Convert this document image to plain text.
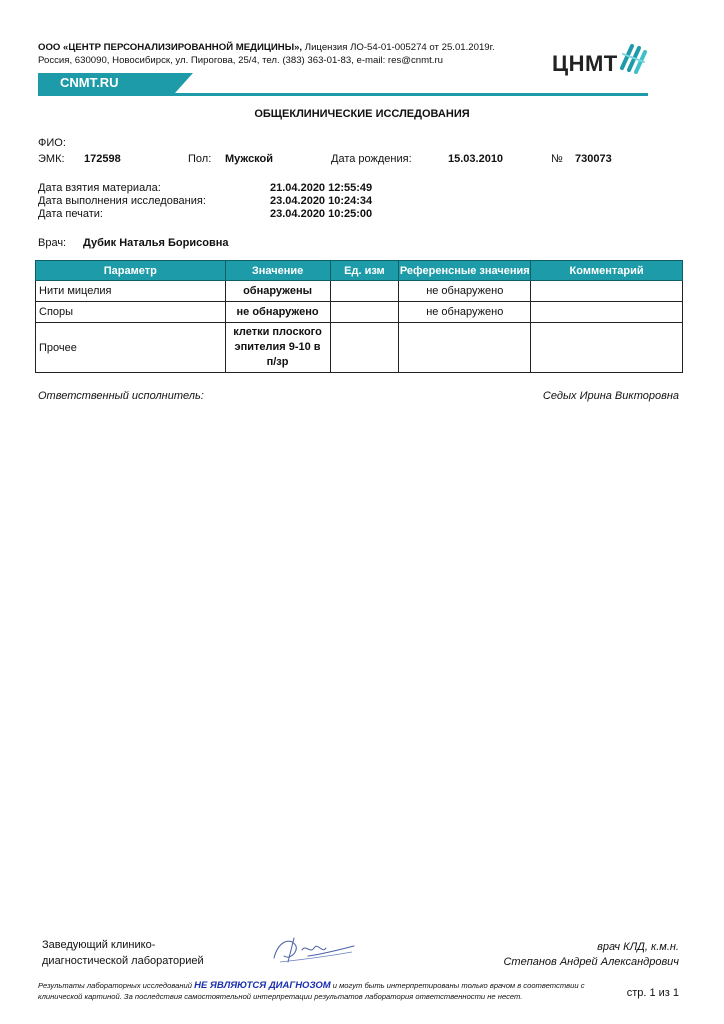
ООО «ЦЕНТР ПЕРСОНАЛИЗИРОВАННОЙ МЕДИЦИНЫ», Лицензия ЛО-54-01-005274 от 25.01.2019г.
Россия, 630090, Новосибирск, ул. Пирогова, 25/4, тел. (383) 363-01-83, e-mail: res@cnmt.ru	ЦНМТ
CNMT.RU
ОБЩЕКЛИНИЧЕСКИЕ ИССЛЕДОВАНИЯ
ФИО:
ЭМК: 172598	Пол: Мужской	Дата рождения:	15.03.2010	№ 730073
Дата взятия материала:	21.04.2020 12:55:49
Дата выполнения исследования:	23.04.2020 10:24:34
Дата печати:	23.04.2020 10:25:00
Врач: Дубик Наталья Борисовна
Параметр	Значение	Ед. изм	Референсные значения	Комментарий
Нити мицелия	обнаружены		не обнаружено	
Споры	не обнаружено		не обнаружено	
Прочее	клетки плоского эпителия 9-10 в п/зр			
Ответственный исполнитель:	Седых Ирина Викторовна
Заведующий клинико-
диагностической лабораторией
врач КЛД, к.м.н.
Степанов Андрей Александрович
Результаты лабораторных исследований НЕ ЯВЛЯЮТСЯ ДИАГНОЗОМ и могут быть интерпретированы только врачом в соответствии с клинической картиной. За последствия самостоятельной интерпретации результатов лаборатория ответственности не несет.	стр. 1 из 1
